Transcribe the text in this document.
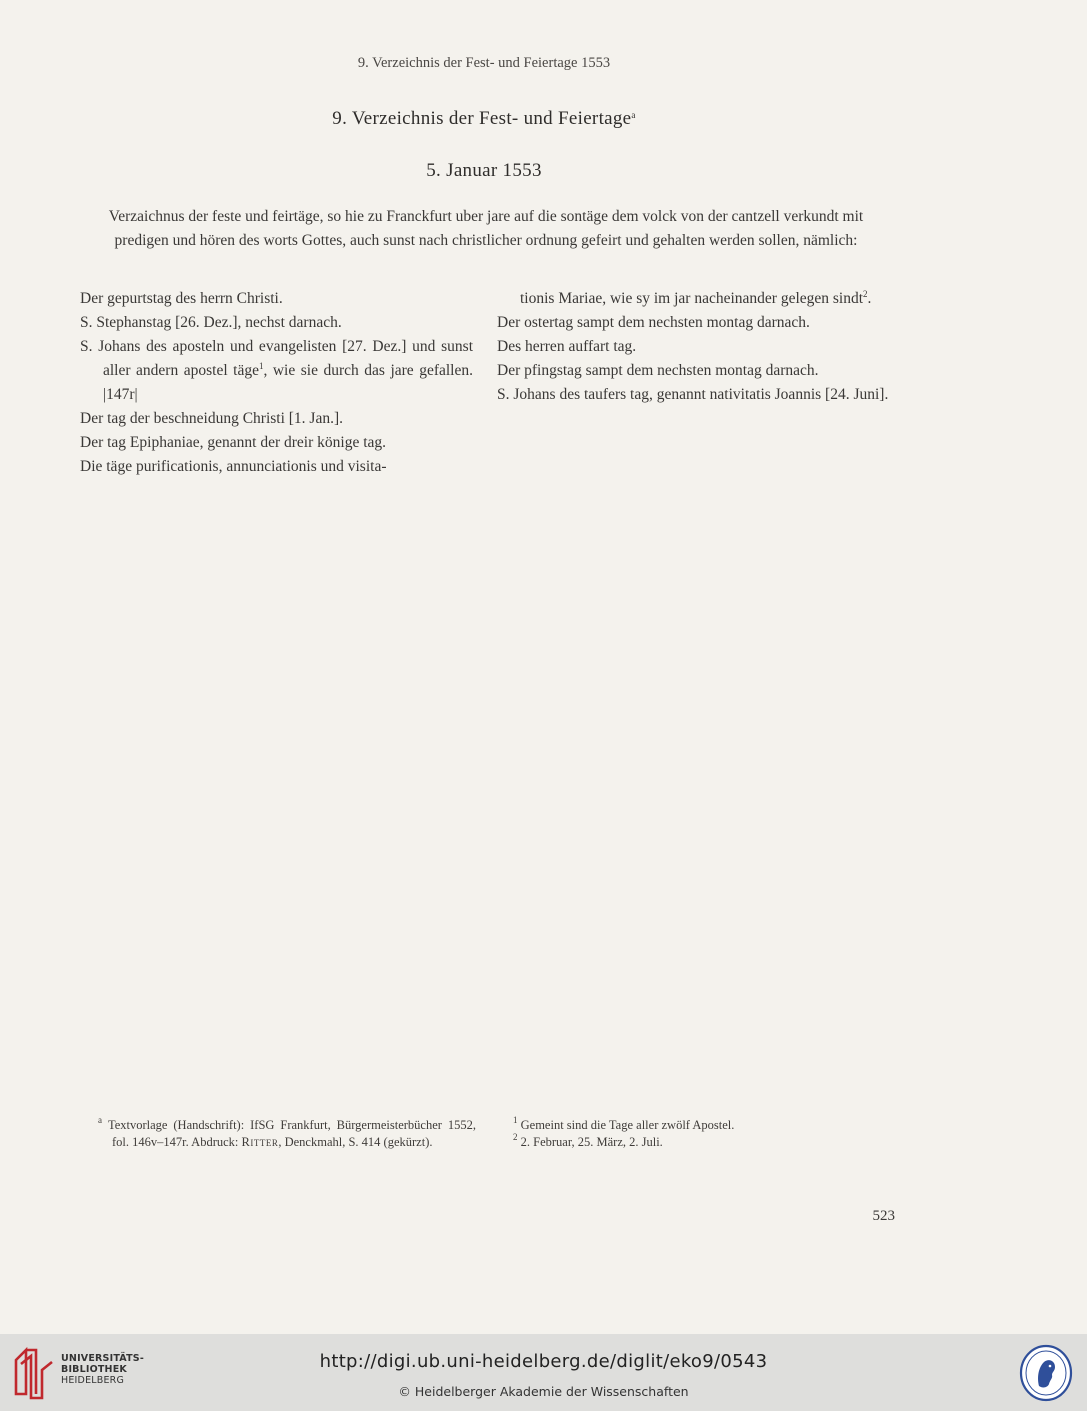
9. Verzeichnis der Fest- und Feiertage 1553
9. Verzeichnis der Fest- und Feiertage$^a$
5. Januar 1553
Verzaichnus der feste und feirtäge, so hie zu Franckfurt uber jare auf die sontäge dem volck von der cantzell verkundt mit predigen und hören des worts Gottes, auch sunst nach christlicher ordnung gefeirt und gehalten werden sollen, nämlich:

Der gepurtstag des herrn Christi.

S. Stephanstag [26. Dez.], nechst darnach.

S. Johans des aposteln und evangelisten [27. Dez.] und sunst aller andern apostel täge$^1$, wie sie durch das jare gefallen. |147r|

Der tag der beschneidung Christi [1. Jan.].

Der tag Epiphaniae, genannt der dreir könige tag.

Die täge purificationis, annunciationis und visita-

tionis Mariae, wie sy im jar nacheinander gelegen sindt$^2$.

Der ostertag sampt dem nechsten montag darnach.

Des herren auffart tag.

Der pfingstag sampt dem nechsten montag darnach.

S. Johans des taufers tag, genannt nativitatis Joannis [24. Juni].

$^a$ Textvorlage (Handschrift): IfSG Frankfurt, Bürgermeisterbücher 1552, fol. 146v–147r. Abdruck: Ritter, Denckmahl, S. 414 (gekürzt).

$^1$ Gemeint sind die Tage aller zwölf Apostel.

$^2$ 2. Februar, 25. März, 2. Juli.

523
UNIVERSITÄTS-
BIBLIOTHEK
HEIDELBERG
http://digi.ub.uni-heidelberg.de/diglit/eko9/0543
© Heidelberger Akademie der Wissenschaften
